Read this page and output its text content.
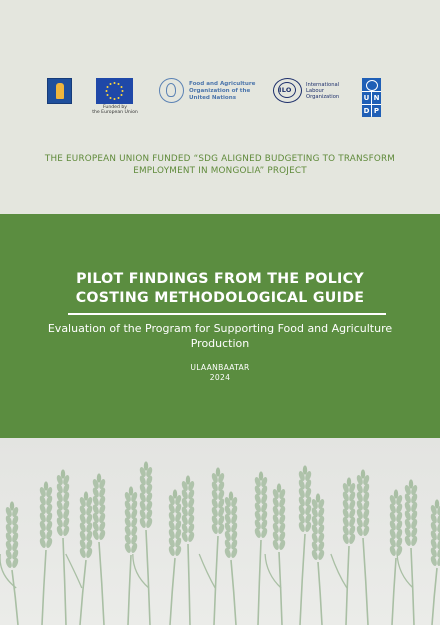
Funded by
the European Union
Food and Agriculture
Organization of the
United Nations
ILO
International
Labour
Organization	U N
D P
THE EUROPEAN UNION FUNDED “SDG ALIGNED BUDGETING TO TRANSFORM EMPLOYMENT IN MONGOLIA” PROJECT
PILOT FINDINGS FROM THE POLICY COSTING METHODOLOGICAL GUIDE
Evaluation of the Program for Supporting Food and Agriculture Production
ULAANBAATAR
2024
